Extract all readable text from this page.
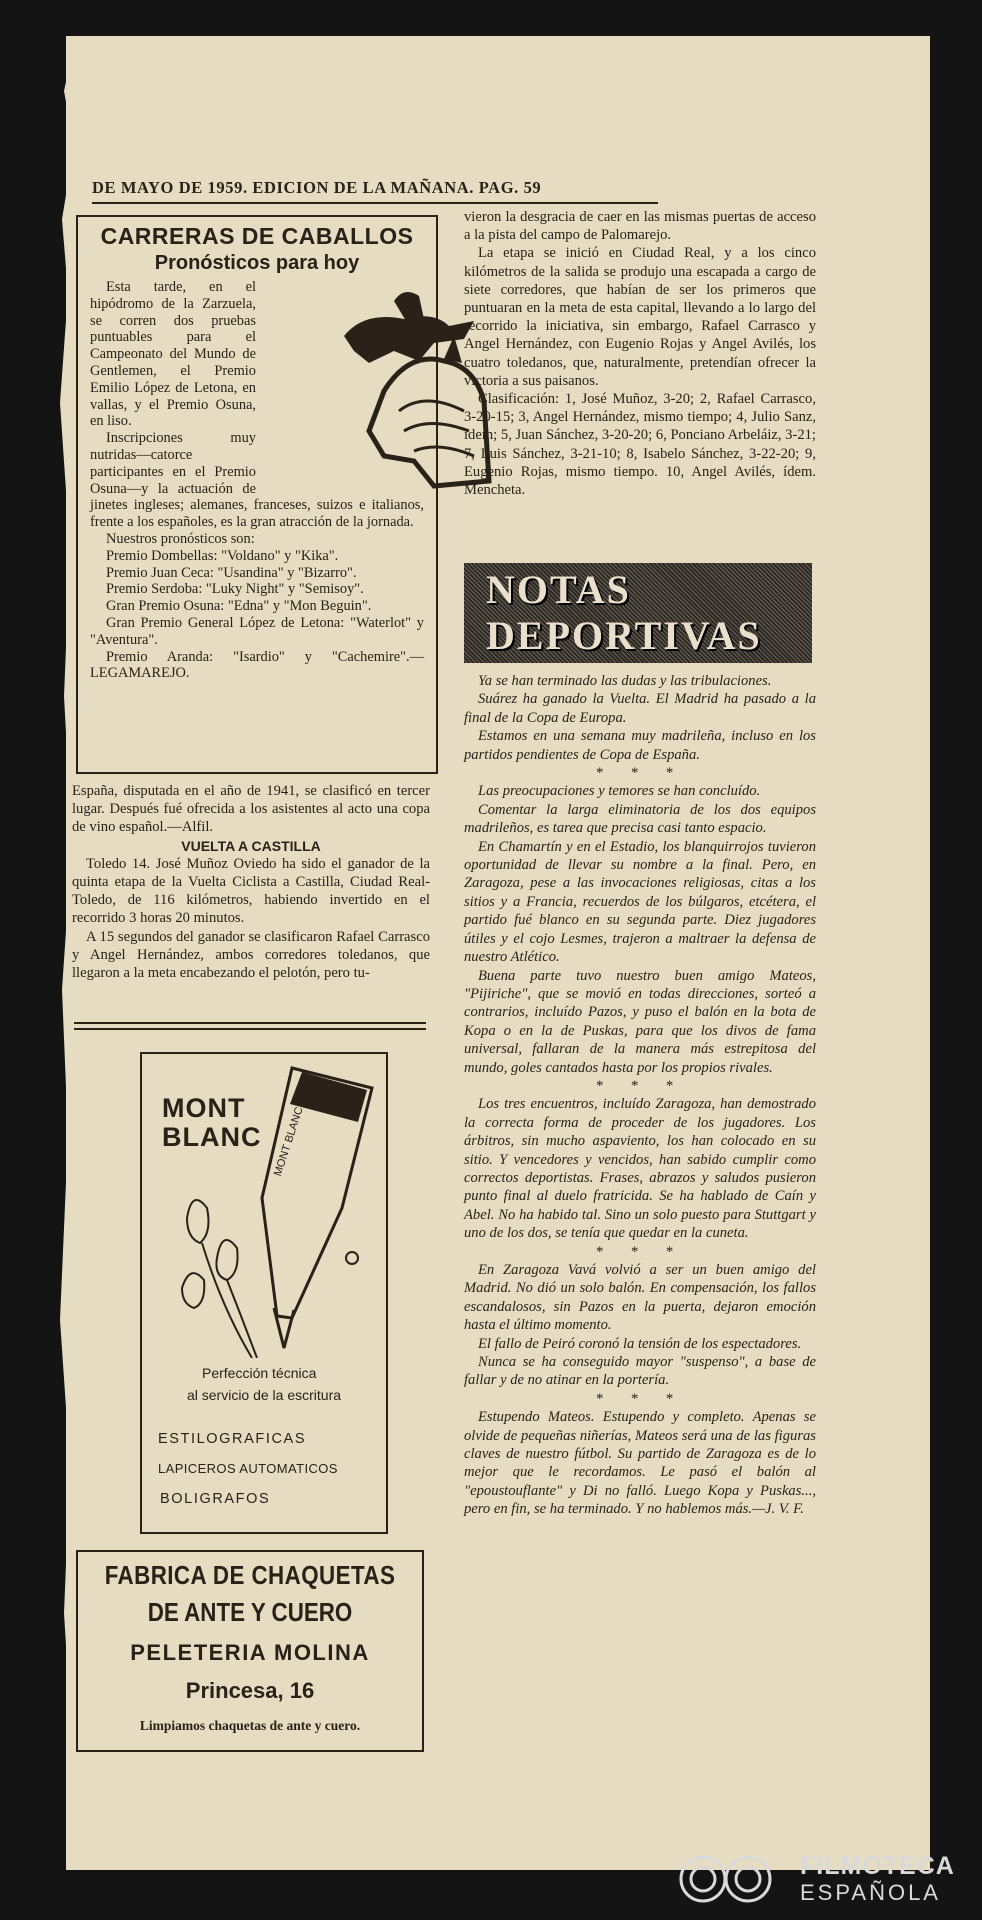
DE MAYO DE 1959. EDICION DE LA MAÑANA. PAG. 59
CARRERAS DE CABALLOS
Pronósticos para hoy

Esta tarde, en el hipódromo de la Zarzuela, se corren dos pruebas puntuables para el Campeonato del Mundo de Gentlemen, el Premio Emilio López de Letona, en vallas, y el Premio Osuna, en liso.

Inscripciones muy nutridas—catorce participantes en el Premio Osuna—y la actuación de jinetes ingleses; alemanes, franceses, suizos e italianos, frente a los españoles, es la gran atracción de la jornada.

Nuestros pronósticos son:

Premio Dombellas: "Voldano" y "Kika".

Premio Juan Ceca: "Usandina" y "Bizarro".

Premio Serdoba: "Luky Night" y "Semisoy".

Gran Premio Osuna: "Edna" y "Mon Beguin".

Gran Premio General López de Letona: "Waterlot" y "Aventura".

Premio Aranda: "Isardio" y "Cachemire".—LEGAMAREJO.

España, disputada en el año de 1941, se clasificó en tercer lugar. Después fué ofrecida a los asistentes al acto una copa de vino español.—Alfil.

VUELTA A CASTILLA

Toledo 14. José Muñoz Oviedo ha sido el ganador de la quinta etapa de la Vuelta Ciclista a Castilla, Ciudad Real-Toledo, de 116 kilómetros, habiendo invertido en el recorrido 3 horas 20 minutos.

A 15 segundos del ganador se clasificaron Rafael Carrasco y Angel Hernández, ambos corredores toledanos, que llegaron a la meta encabezando el pelotón, pero tu-

MONT
BLANC MONT BLANC
Perfección técnica
al servicio de la escritura
ESTILOGRAFICAS
LAPICEROS AUTOMATICOS
BOLIGRAFOS
FABRICA DE CHAQUETAS
DE ANTE Y CUERO
PELETERIA MOLINA
Princesa, 16
Limpiamos chaquetas de ante y cuero.

vieron la desgracia de caer en las mismas puertas de acceso a la pista del campo de Palomarejo.

La etapa se inició en Ciudad Real, y a los cinco kilómetros de la salida se produjo una escapada a cargo de siete corredores, que habían de ser los primeros que puntuaran en la meta de esta capital, llevando a lo largo del recorrido la iniciativa, sin embargo, Rafael Carrasco y Angel Hernández, con Eugenio Rojas y Angel Avilés, los cuatro toledanos, que, naturalmente, pretendían ofrecer la victoria a sus paisanos.

Clasificación: 1, José Muñoz, 3-20; 2, Rafael Carrasco, 3-20-15; 3, Angel Hernández, mismo tiempo; 4, Julio Sanz, ídem; 5, Juan Sánchez, 3-20-20; 6, Ponciano Arbeláiz, 3-21; 7, Luis Sánchez, 3-21-10; 8, Isabelo Sánchez, 3-22-20; 9, Eugenio Rojas, mismo tiempo. 10, Angel Avilés, ídem. Mencheta.

NOTAS
DEPORTIVAS

Ya se han terminado las dudas y las tribulaciones.

Suárez ha ganado la Vuelta. El Madrid ha pasado a la final de la Copa de Europa.

Estamos en una semana muy madrileña, incluso en los partidos pendientes de Copa de España.

* * *

Las preocupaciones y temores se han concluído.

Comentar la larga eliminatoria de los dos equipos madrileños, es tarea que precisa casi tanto espacio.

En Chamartín y en el Estadio, los blanquirrojos tuvieron oportunidad de llevar su nombre a la final. Pero, en Zaragoza, pese a las invocaciones religiosas, citas a los sitios y a Francia, recuerdos de los búlgaros, etcétera, el partido fué blanco en su segunda parte. Diez jugadores útiles y el cojo Lesmes, trajeron a maltraer la defensa de nuestro Atlético.

Buena parte tuvo nuestro buen amigo Mateos, "Pijiriche", que se movió en todas direcciones, sorteó a contrarios, incluído Pazos, y puso el balón en la bota de Kopa o en la de Puskas, para que los divos de fama universal, fallaran de la manera más estrepitosa del mundo, goles cantados hasta por los propios rivales.

* * *

Los tres encuentros, incluído Zaragoza, han demostrado la correcta forma de proceder de los jugadores. Los árbitros, sin mucho aspaviento, los han colocado en su sitio. Y vencedores y vencidos, han sabido cumplir como correctos deportistas. Frases, abrazos y saludos pusieron punto final al duelo fratricida. Se ha hablado de Caín y Abel. No ha habido tal. Sino un solo puesto para Stuttgart y uno de los dos, se tenía que quedar en la cuneta.

* * *

En Zaragoza Vavá volvió a ser un buen amigo del Madrid. No dió un solo balón. En compensación, los fallos escandalosos, sin Pazos en la puerta, dejaron emoción hasta el último momento.

El fallo de Peiró coronó la tensión de los espectadores.

Nunca se ha conseguido mayor "suspenso", a base de fallar y de no atinar en la portería.

* * *

Estupendo Mateos. Estupendo y completo. Apenas se olvide de pequeñas niñerías, Mateos será una de las figuras claves de nuestro fútbol. Su partido de Zaragoza es de lo mejor que le recordamos. Le pasó el balón al "epoustouflante" y Di no falló. Luego Kopa y Puskas..., pero en fin, se ha terminado. Y no hablemos más.—J. V. F.

FILMOTECA
ESPAÑOLA
